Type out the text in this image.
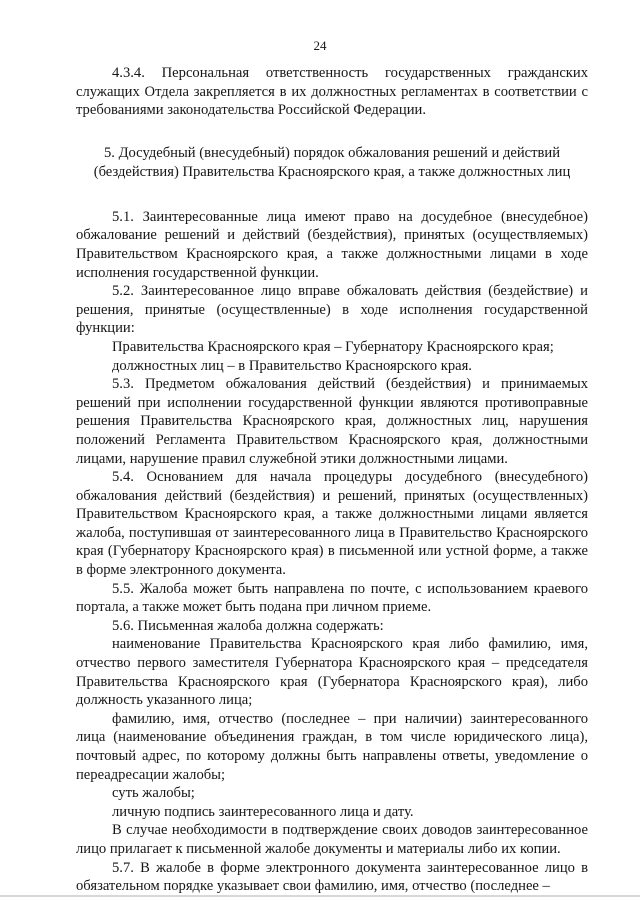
24

4.3.4. Персональная ответственность государственных гражданских служащих Отдела закрепляется в их должностных регламентах в соответствии с требованиями законодательства Российской Федерации.

5. Досудебный (внесудебный) порядок обжалования решений и действий (бездействия) Правительства Красноярского края, а также должностных лиц

5.1. Заинтересованные лица имеют право на досудебное (внесудебное) обжалование решений и действий (бездействия), принятых (осуществляемых) Правительством Красноярского края, а также должностными лицами в ходе исполнения государственной функции.

5.2. Заинтересованное лицо вправе обжаловать действия (бездействие) и решения, принятые (осуществленные) в ходе исполнения государственной функции:

Правительства Красноярского края – Губернатору Красноярского края;

должностных лиц – в Правительство Красноярского края.

5.3. Предметом обжалования действий (бездействия) и принимаемых решений при исполнении государственной функции являются противоправные решения Правительства Красноярского края, должностных лиц, нарушения положений Регламента Правительством Красноярского края, должностными лицами, нарушение правил служебной этики должностными лицами.

5.4. Основанием для начала процедуры досудебного (внесудебного) обжалования действий (бездействия) и решений, принятых (осуществленных) Правительством Красноярского края, а также должностными лицами является жалоба, поступившая от заинтересованного лица в Правительство Красноярского края (Губернатору Красноярского края) в письменной или устной форме, а также в форме электронного документа.

5.5. Жалоба может быть направлена по почте, с использованием краевого портала, а также может быть подана при личном приеме.

5.6. Письменная жалоба должна содержать:

наименование Правительства Красноярского края либо фамилию, имя, отчество первого заместителя Губернатора Красноярского края – председателя Правительства Красноярского края (Губернатора Красноярского края), либо должность указанного лица;

фамилию, имя, отчество (последнее – при наличии) заинтересованного лица (наименование объединения граждан, в том числе юридического лица), почтовый адрес, по которому должны быть направлены ответы, уведомление о переадресации жалобы;

суть жалобы;

личную подпись заинтересованного лица и дату.

В случае необходимости в подтверждение своих доводов заинтересованное лицо прилагает к письменной жалобе документы и материалы либо их копии.

5.7. В жалобе в форме электронного документа заинтересованное лицо в обязательном порядке указывает свои фамилию, имя, отчество (последнее –
